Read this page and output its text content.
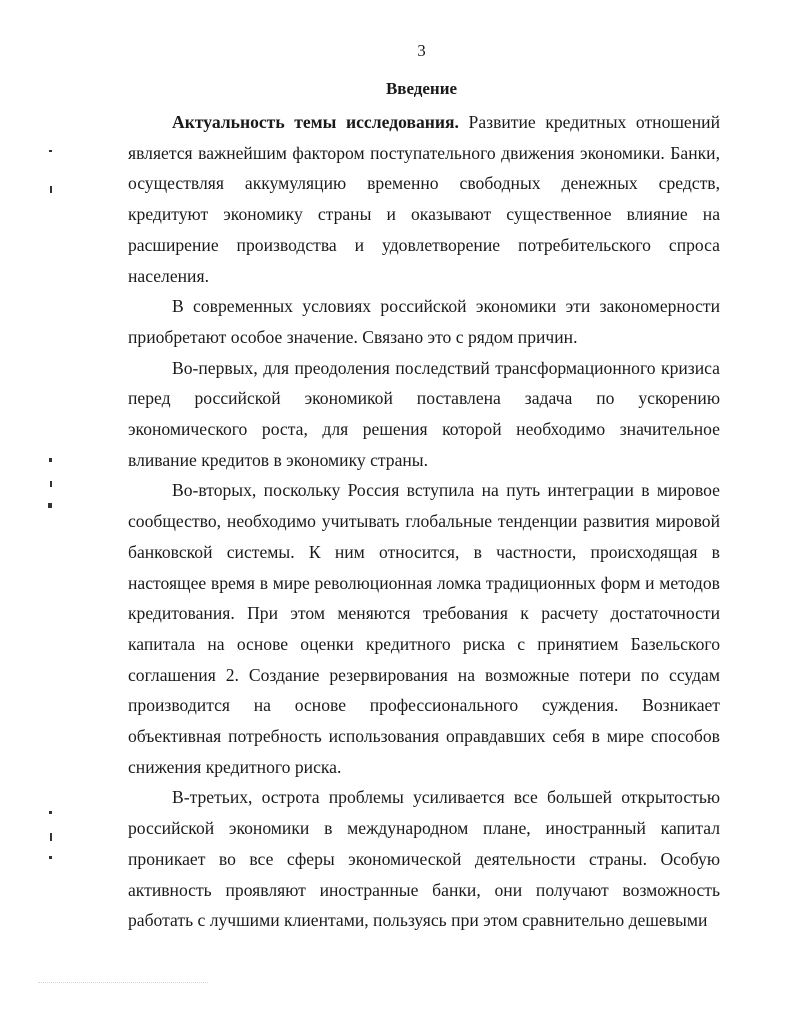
3
Введение

Актуальность темы исследования. Развитие кредитных отношений является важнейшим фактором поступательного движения экономики. Банки, осуществляя аккумуляцию временно свободных денежных средств, кредитуют экономику страны и оказывают существенное влияние на расширение производства и удовлетворение потребительского спроса населения.

В современных условиях российской экономики эти закономерности приобретают особое значение. Связано это с рядом причин.

Во-первых, для преодоления последствий трансформационного кризиса перед российской экономикой поставлена задача по ускорению экономического роста, для решения которой необходимо значительное вливание кредитов в экономику страны.

Во-вторых, поскольку Россия вступила на путь интеграции в мировое сообщество, необходимо учитывать глобальные тенденции развития мировой банковской системы. К ним относится, в частности, происходящая в настоящее время в мире революционная ломка традиционных форм и методов кредитования. При этом меняются требования к расчету достаточности капитала на основе оценки кредитного риска с принятием Базельского соглашения 2. Создание резервирования на возможные потери по ссудам производится на основе профессионального суждения. Возникает объективная потребность использования оправдавших себя в мире способов снижения кредитного риска.

В-третьих, острота проблемы усиливается все большей открытостью российской экономики в международном плане, иностранный капитал проникает во все сферы экономической деятельности страны. Особую активность проявляют иностранные банки, они получают возможность работать с лучшими клиентами, пользуясь при этом сравнительно дешевыми
